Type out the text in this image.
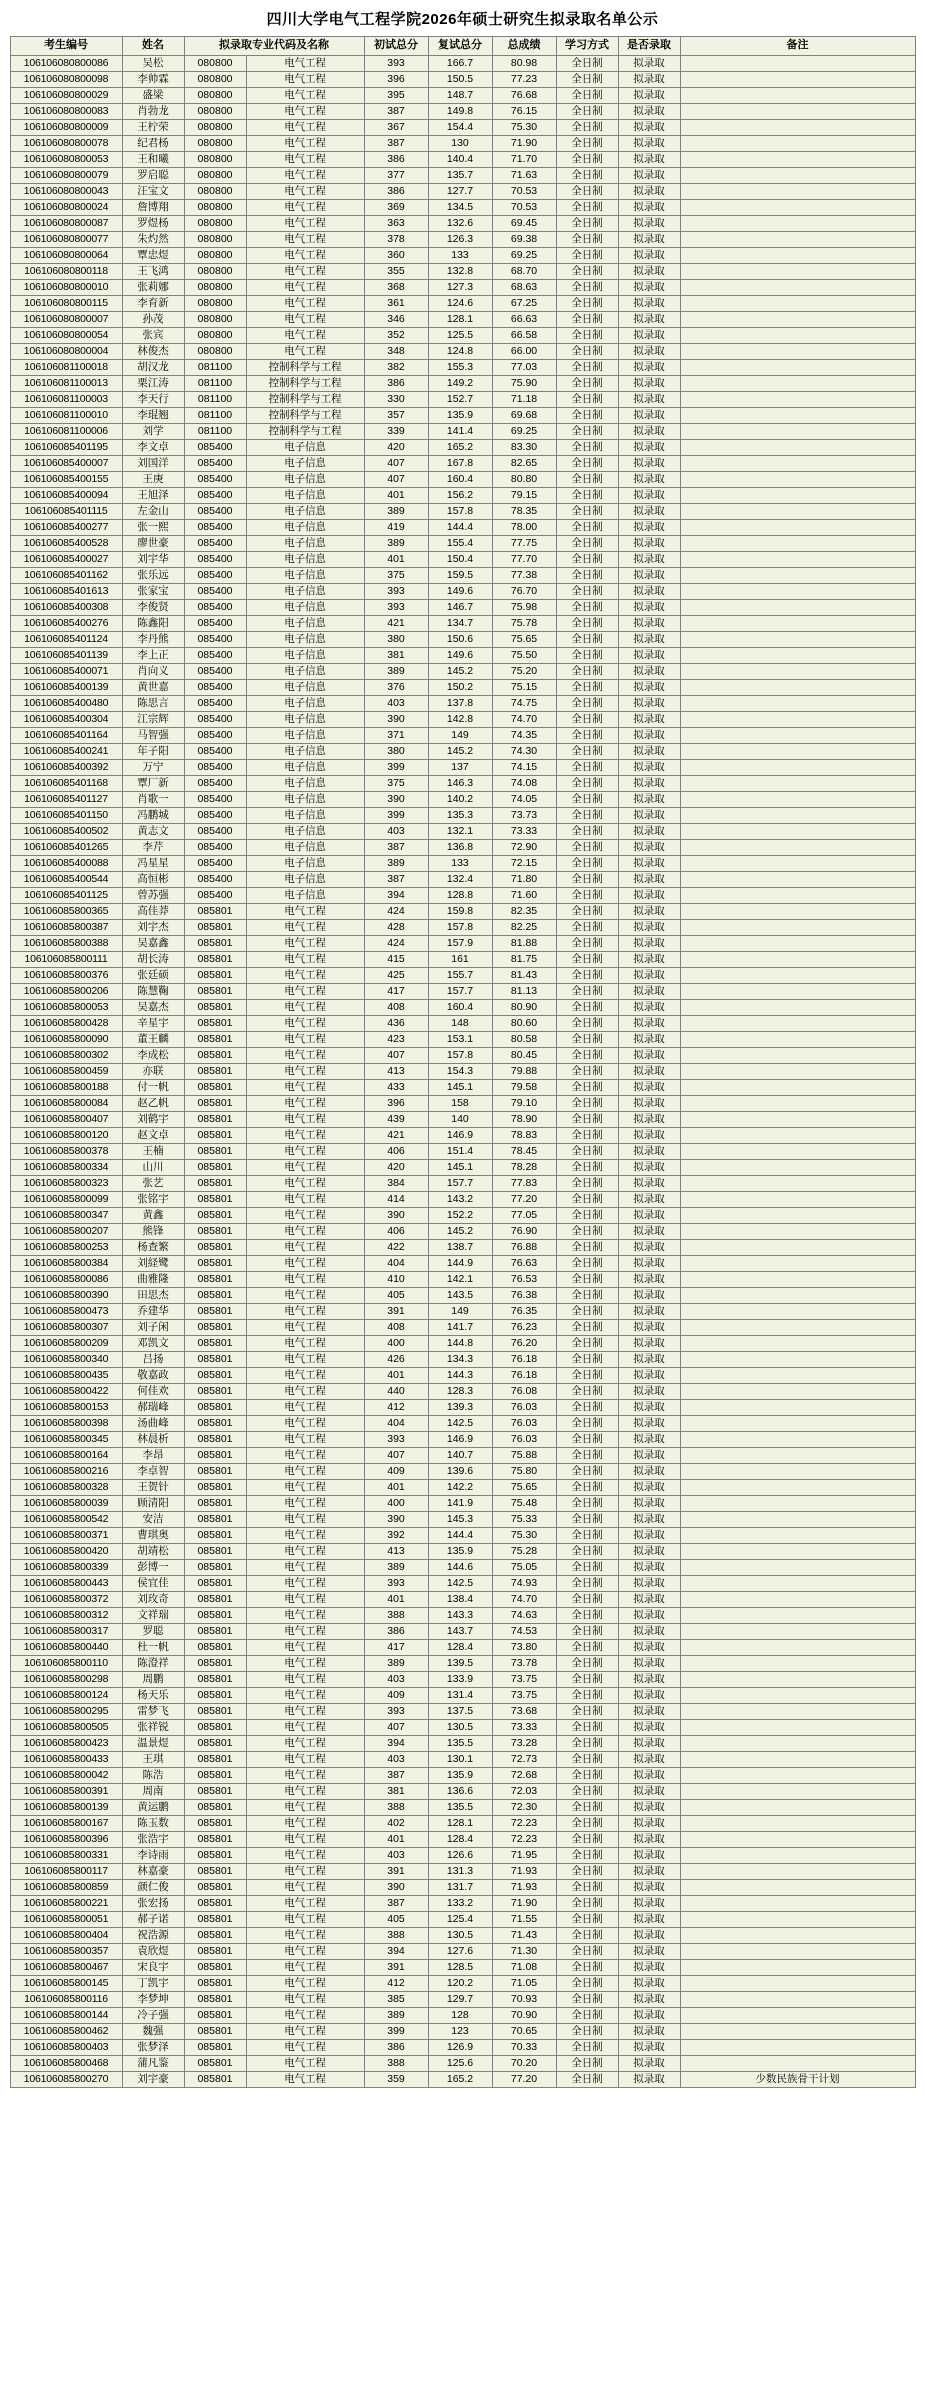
四川大学电气工程学院2026年硕士研究生拟录取名单公示
考生编号	姓名	拟录取专业代码及名称		初试总分	复试总分	总成绩	学习方式	是否录取	备注
106106080800086	吴松	080800	电气工程	393	166.7	80.98	全日制	拟录取	
106106080800098	李帅霖	080800	电气工程	396	150.5	77.23	全日制	拟录取	
106106080800029	盛梁	080800	电气工程	395	148.7	76.68	全日制	拟录取	
106106080800083	肖勃龙	080800	电气工程	387	149.8	76.15	全日制	拟录取	
106106080800009	王柠荣	080800	电气工程	367	154.4	75.30	全日制	拟录取	
106106080800078	纪君杨	080800	电气工程	387	130	71.90	全日制	拟录取	
106106080800053	王和曦	080800	电气工程	386	140.4	71.70	全日制	拟录取	
106106080800079	罗启聪	080800	电气工程	377	135.7	71.63	全日制	拟录取	
106106080800043	汪宝文	080800	电气工程	386	127.7	70.53	全日制	拟录取	
106106080800024	詹博翔	080800	电气工程	369	134.5	70.53	全日制	拟录取	
106106080800087	罗煜杨	080800	电气工程	363	132.6	69.45	全日制	拟录取	
106106080800077	朱灼然	080800	电气工程	378	126.3	69.38	全日制	拟录取	
106106080800064	覃忠煜	080800	电气工程	360	133	69.25	全日制	拟录取	
106106080800118	王飞鸿	080800	电气工程	355	132.8	68.70	全日制	拟录取	
106106080800010	张莉娜	080800	电气工程	368	127.3	68.63	全日制	拟录取	
106106080800115	李育新	080800	电气工程	361	124.6	67.25	全日制	拟录取	
106106080800007	孙茂	080800	电气工程	346	128.1	66.63	全日制	拟录取	
106106080800054	张宾	080800	电气工程	352	125.5	66.58	全日制	拟录取	
106106080800004	林俊杰	080800	电气工程	348	124.8	66.00	全日制	拟录取	
106106081100018	胡汉龙	081100	控制科学与工程	382	155.3	77.03	全日制	拟录取	
106106081100013	栗江涛	081100	控制科学与工程	386	149.2	75.90	全日制	拟录取	
106106081100003	李天行	081100	控制科学与工程	330	152.7	71.18	全日制	拟录取	
106106081100010	李琨翘	081100	控制科学与工程	357	135.9	69.68	全日制	拟录取	
106106081100006	刘学	081100	控制科学与工程	339	141.4	69.25	全日制	拟录取	
106106085401195	李文卓	085400	电子信息	420	165.2	83.30	全日制	拟录取	
106106085400007	刘国洋	085400	电子信息	407	167.8	82.65	全日制	拟录取	
106106085400155	王庚	085400	电子信息	407	160.4	80.80	全日制	拟录取	
106106085400094	王旭泽	085400	电子信息	401	156.2	79.15	全日制	拟录取	
106106085401115	左金山	085400	电子信息	389	157.8	78.35	全日制	拟录取	
106106085400277	张一熙	085400	电子信息	419	144.4	78.00	全日制	拟录取	
106106085400528	廖世豪	085400	电子信息	389	155.4	77.75	全日制	拟录取	
106106085400027	刘宇华	085400	电子信息	401	150.4	77.70	全日制	拟录取	
106106085401162	张乐远	085400	电子信息	375	159.5	77.38	全日制	拟录取	
106106085401613	张家宝	085400	电子信息	393	149.6	76.70	全日制	拟录取	
106106085400308	李俊贤	085400	电子信息	393	146.7	75.98	全日制	拟录取	
106106085400276	陈鑫阳	085400	电子信息	421	134.7	75.78	全日制	拟录取	
106106085401124	李丹熊	085400	电子信息	380	150.6	75.65	全日制	拟录取	
106106085401139	李上正	085400	电子信息	381	149.6	75.50	全日制	拟录取	
106106085400071	肖向义	085400	电子信息	389	145.2	75.20	全日制	拟录取	
106106085400139	黄世嘉	085400	电子信息	376	150.2	75.15	全日制	拟录取	
106106085400480	陈思言	085400	电子信息	403	137.8	74.75	全日制	拟录取	
106106085400304	江宗辉	085400	电子信息	390	142.8	74.70	全日制	拟录取	
106106085401164	马智强	085400	电子信息	371	149	74.35	全日制	拟录取	
106106085400241	年子阳	085400	电子信息	380	145.2	74.30	全日制	拟录取	
106106085400392	万宁	085400	电子信息	399	137	74.15	全日制	拟录取	
106106085401168	覃厂新	085400	电子信息	375	146.3	74.08	全日制	拟录取	
106106085401127	肖歌一	085400	电子信息	390	140.2	74.05	全日制	拟录取	
106106085401150	冯鹏城	085400	电子信息	399	135.3	73.73	全日制	拟录取	
106106085400502	黄志文	085400	电子信息	403	132.1	73.33	全日制	拟录取	
106106085401265	李芹	085400	电子信息	387	136.8	72.90	全日制	拟录取	
106106085400088	冯星星	085400	电子信息	389	133	72.15	全日制	拟录取	
106106085400544	高恒彬	085400	电子信息	387	132.4	71.80	全日制	拟录取	
106106085401125	曾苏强	085400	电子信息	394	128.8	71.60	全日制	拟录取	
106106085800365	高佳莽	085801	电气工程	424	159.8	82.35	全日制	拟录取	
106106085800387	刘宇杰	085801	电气工程	428	157.8	82.25	全日制	拟录取	
106106085800388	吴嘉鑫	085801	电气工程	424	157.9	81.88	全日制	拟录取	
106106085800111	胡长涛	085801	电气工程	415	161	81.75	全日制	拟录取	
106106085800376	张廷硕	085801	电气工程	425	155.7	81.43	全日制	拟录取	
106106085800206	陈慧鞠	085801	电气工程	417	157.7	81.13	全日制	拟录取	
106106085800053	吴嘉杰	085801	电气工程	408	160.4	80.90	全日制	拟录取	
106106085800428	辛星宇	085801	电气工程	436	148	80.60	全日制	拟录取	
106106085800090	董王麟	085801	电气工程	423	153.1	80.58	全日制	拟录取	
106106085800302	李成松	085801	电气工程	407	157.8	80.45	全日制	拟录取	
106106085800459	亦联	085801	电气工程	413	154.3	79.88	全日制	拟录取	
106106085800188	付一帆	085801	电气工程	433	145.1	79.58	全日制	拟录取	
106106085800084	赵乙帆	085801	电气工程	396	158	79.10	全日制	拟录取	
106106085800407	刘鹤宇	085801	电气工程	439	140	78.90	全日制	拟录取	
106106085800120	赵文卓	085801	电气工程	421	146.9	78.83	全日制	拟录取	
106106085800378	王楠	085801	电气工程	406	151.4	78.45	全日制	拟录取	
106106085800334	山川	085801	电气工程	420	145.1	78.28	全日制	拟录取	
106106085800323	张艺	085801	电气工程	384	157.7	77.83	全日制	拟录取	
106106085800099	张铭宇	085801	电气工程	414	143.2	77.20	全日制	拟录取	
106106085800347	黄鑫	085801	电气工程	390	152.2	77.05	全日制	拟录取	
106106085800207	熊锋	085801	电气工程	406	145.2	76.90	全日制	拟录取	
106106085800253	杨查繁	085801	电气工程	422	138.7	76.88	全日制	拟录取	
106106085800384	刘経鹭	085801	电气工程	404	144.9	76.63	全日制	拟录取	
106106085800086	曲雅隆	085801	电气工程	410	142.1	76.53	全日制	拟录取	
106106085800390	田思杰	085801	电气工程	405	143.5	76.38	全日制	拟录取	
106106085800473	乔建华	085801	电气工程	391	149	76.35	全日制	拟录取	
106106085800307	刘子闲	085801	电气工程	408	141.7	76.23	全日制	拟录取	
106106085800209	邓凯文	085801	电气工程	400	144.8	76.20	全日制	拟录取	
106106085800340	吕扬	085801	电气工程	426	134.3	76.18	全日制	拟录取	
106106085800435	敬嘉政	085801	电气工程	401	144.3	76.18	全日制	拟录取	
106106085800422	何佳欢	085801	电气工程	440	128.3	76.08	全日制	拟录取	
106106085800153	郝瑞峰	085801	电气工程	412	139.3	76.03	全日制	拟录取	
106106085800398	汤曲峰	085801	电气工程	404	142.5	76.03	全日制	拟录取	
106106085800345	林晨析	085801	电气工程	393	146.9	76.03	全日制	拟录取	
106106085800164	李昂	085801	电气工程	407	140.7	75.88	全日制	拟录取	
106106085800216	李卓智	085801	电气工程	409	139.6	75.80	全日制	拟录取	
106106085800328	王贺针	085801	电气工程	401	142.2	75.65	全日制	拟录取	
106106085800039	顾清阳	085801	电气工程	400	141.9	75.48	全日制	拟录取	
106106085800542	安洁	085801	电气工程	390	145.3	75.33	全日制	拟录取	
106106085800371	曹琪奥	085801	电气工程	392	144.4	75.30	全日制	拟录取	
106106085800420	胡靖松	085801	电气工程	413	135.9	75.28	全日制	拟录取	
106106085800339	彭博一	085801	电气工程	389	144.6	75.05	全日制	拟录取	
106106085800443	侯宜佳	085801	电气工程	393	142.5	74.93	全日制	拟录取	
106106085800372	刘玫奇	085801	电气工程	401	138.4	74.70	全日制	拟录取	
106106085800312	文祥瑞	085801	电气工程	388	143.3	74.63	全日制	拟录取	
106106085800317	罗聪	085801	电气工程	386	143.7	74.53	全日制	拟录取	
106106085800440	杜一帆	085801	电气工程	417	128.4	73.80	全日制	拟录取	
106106085800110	陈澄祥	085801	电气工程	389	139.5	73.78	全日制	拟录取	
106106085800298	周鹏	085801	电气工程	403	133.9	73.75	全日制	拟录取	
106106085800124	杨天乐	085801	电气工程	409	131.4	73.75	全日制	拟录取	
106106085800295	雷梦飞	085801	电气工程	393	137.5	73.68	全日制	拟录取	
106106085800505	张祥锐	085801	电气工程	407	130.5	73.33	全日制	拟录取	
106106085800423	温景煜	085801	电气工程	394	135.5	73.28	全日制	拟录取	
106106085800433	王琪	085801	电气工程	403	130.1	72.73	全日制	拟录取	
106106085800042	陈浩	085801	电气工程	387	135.9	72.68	全日制	拟录取	
106106085800391	周南	085801	电气工程	381	136.6	72.03	全日制	拟录取	
106106085800139	黄运鹏	085801	电气工程	388	135.5	72.30	全日制	拟录取	
106106085800167	陈玉数	085801	电气工程	402	128.1	72.23	全日制	拟录取	
106106085800396	张浩宇	085801	电气工程	401	128.4	72.23	全日制	拟录取	
106106085800331	李诗雨	085801	电气工程	403	126.6	71.95	全日制	拟录取	
106106085800117	林嘉豪	085801	电气工程	391	131.3	71.93	全日制	拟录取	
106106085800859	颜仁俊	085801	电气工程	390	131.7	71.93	全日制	拟录取	
106106085800221	张宏扬	085801	电气工程	387	133.2	71.90	全日制	拟录取	
106106085800051	郝子诺	085801	电气工程	405	125.4	71.55	全日制	拟录取	
106106085800404	祝浩源	085801	电气工程	388	130.5	71.43	全日制	拟录取	
106106085800357	袁欣煜	085801	电气工程	394	127.6	71.30	全日制	拟录取	
106106085800467	宋良宇	085801	电气工程	391	128.5	71.08	全日制	拟录取	
106106085800145	丁凯宇	085801	电气工程	412	120.2	71.05	全日制	拟录取	
106106085800116	李梦坤	085801	电气工程	385	129.7	70.93	全日制	拟录取	
106106085800144	冷子强	085801	电气工程	389	128	70.90	全日制	拟录取	
106106085800462	魏强	085801	电气工程	399	123	70.65	全日制	拟录取	
106106085800403	张梦泽	085801	电气工程	386	126.9	70.33	全日制	拟录取	
106106085800468	蒲凡鉴	085801	电气工程	388	125.6	70.20	全日制	拟录取	
106106085800270	刘宇豪	085801	电气工程	359	165.2	77.20	全日制	拟录取	少数民族骨干计划
